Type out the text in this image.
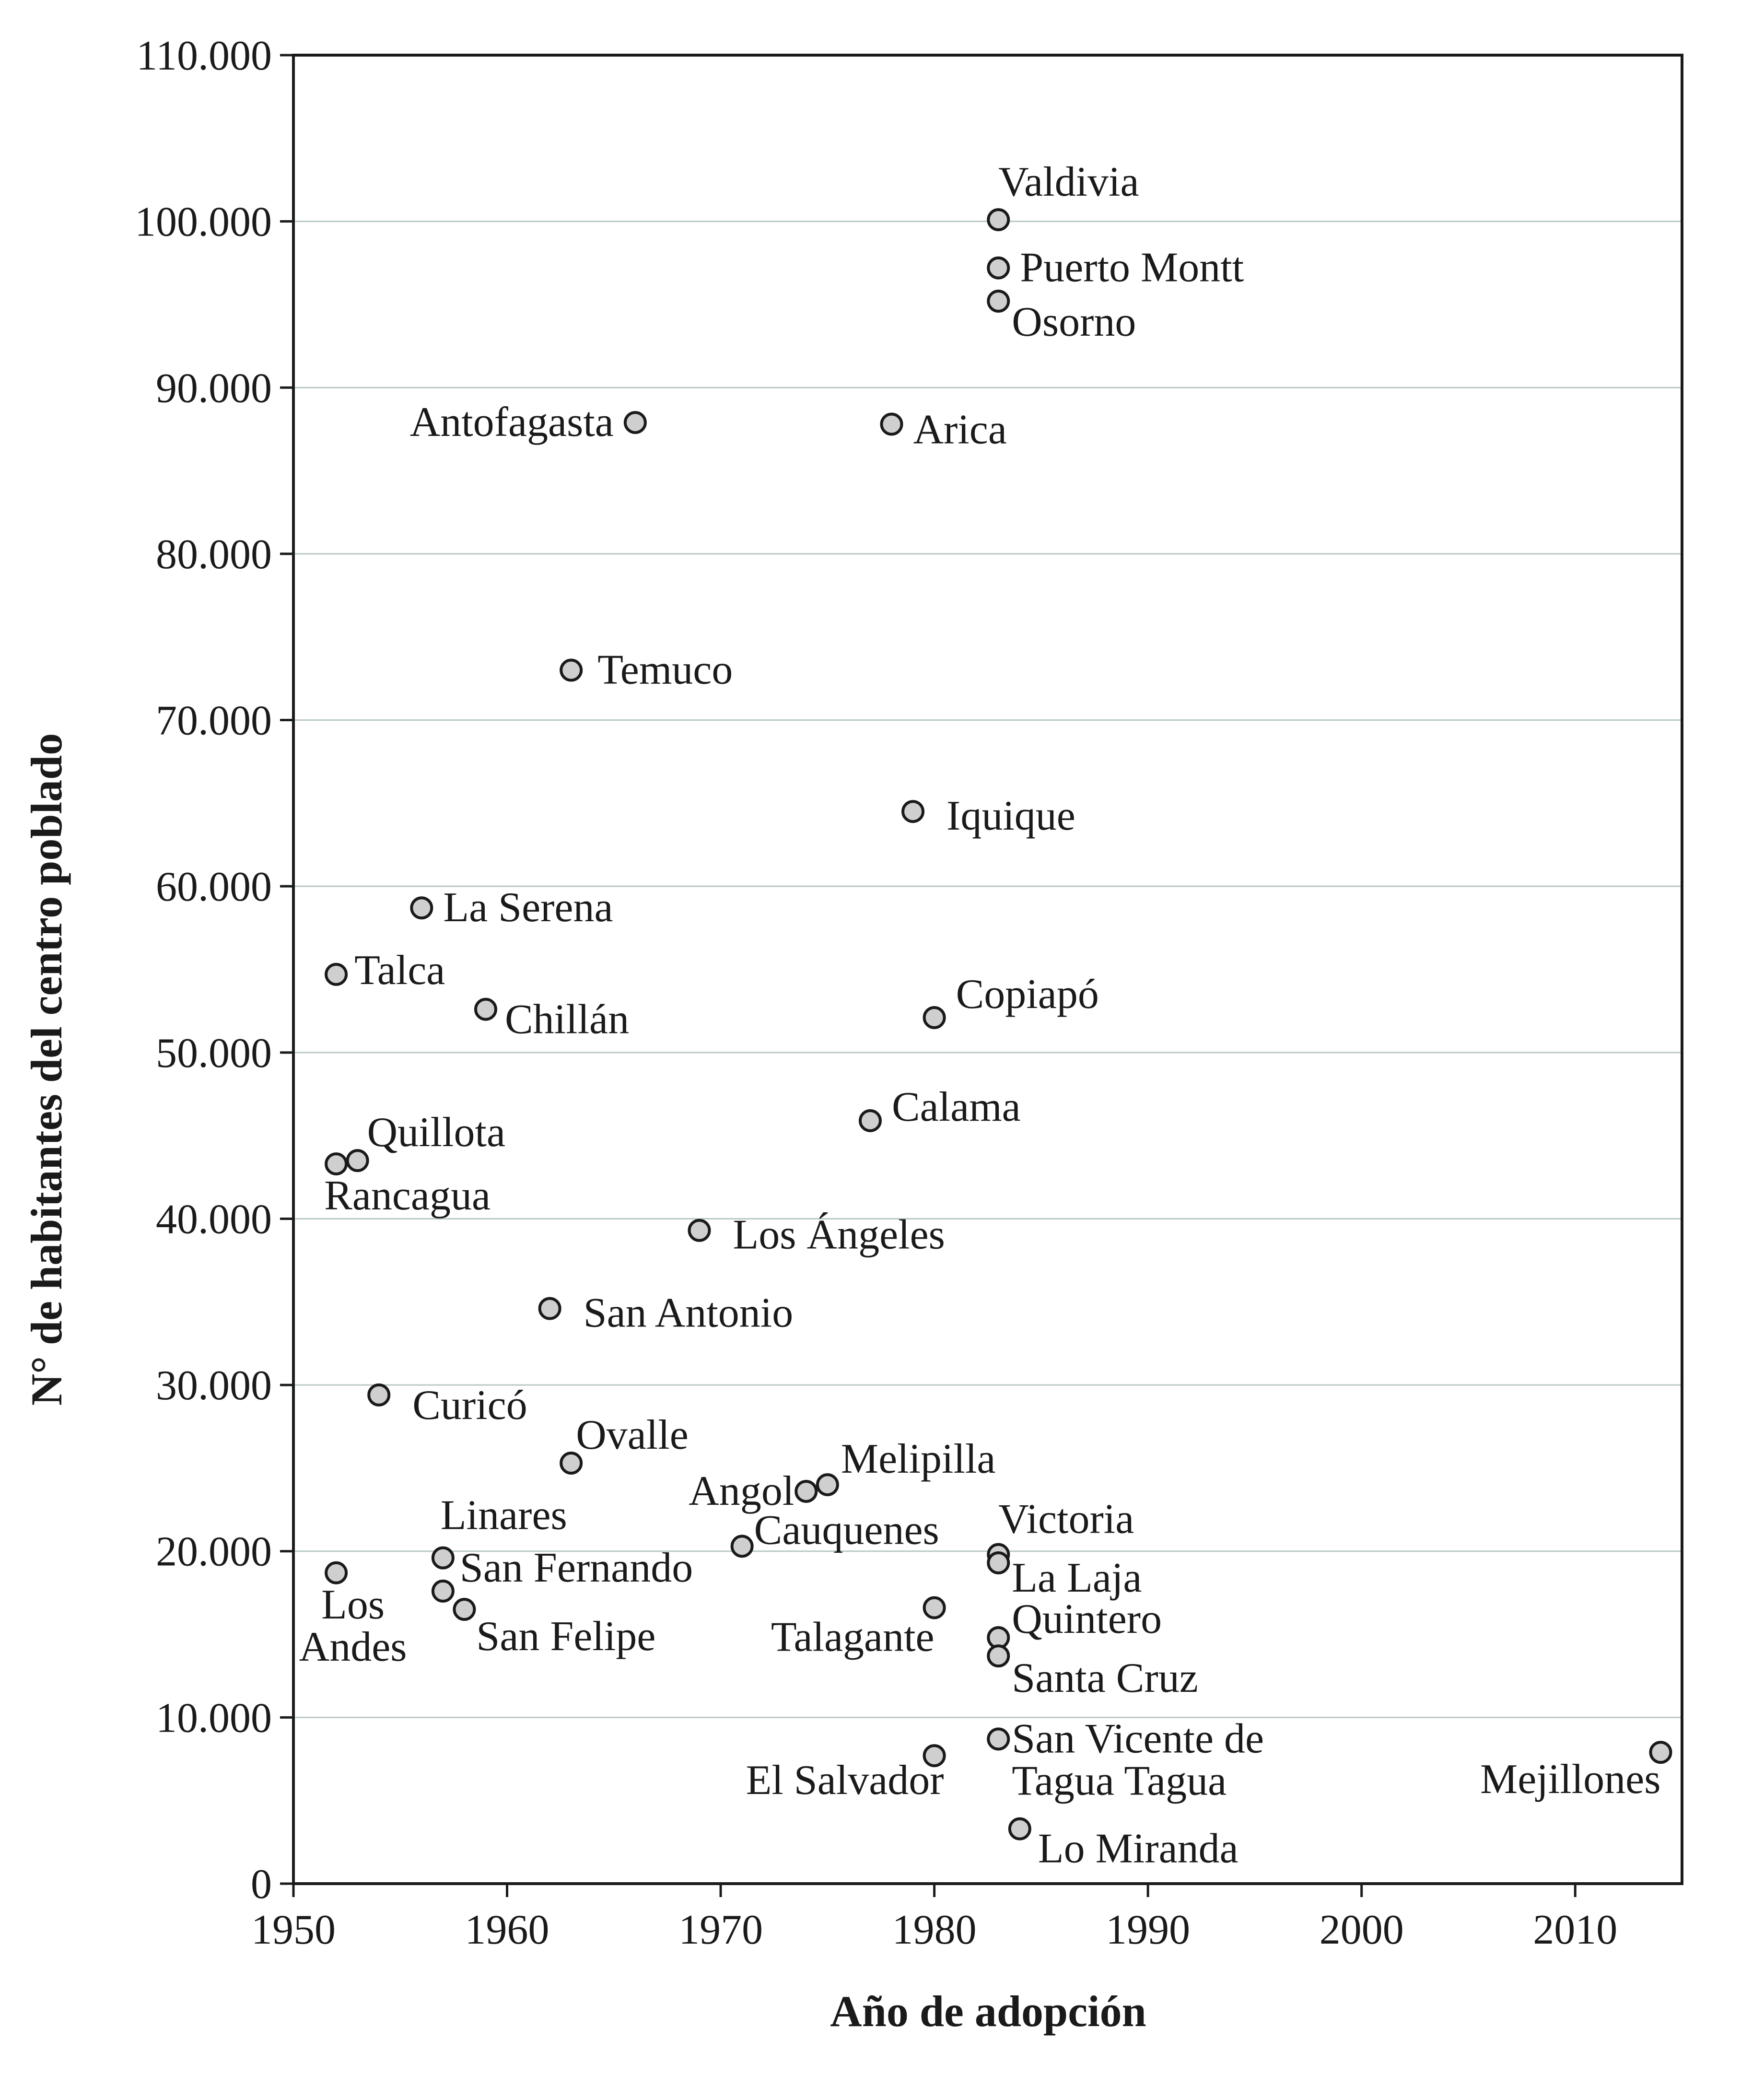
0
10.000
20.000
30.000
40.000
50.000
60.000
70.000
80.000
90.000
100.000
110.000
1950	1960	1970	1980	1990	2000	2010
Valdivia
Puerto Montt
Osorno
Antofagasta	Arica
Temuco
Iquique
La Serena
Talca
Chillán
Copiapó
Calama
Quillota
Rancagua
Los Ángeles
San Antonio
Curicó
Ovalle
Melipilla
Angol
Cauquenes Victoria
Linares
La Laja
Los Andes
San Fernando
San Felipe	Talagante Quintero
Santa Cruz
San Vicente de Tagua Tagua
El Salvador	Mejillones
Lo Miranda
Año de adopción
N° de habitantes del centro poblado
